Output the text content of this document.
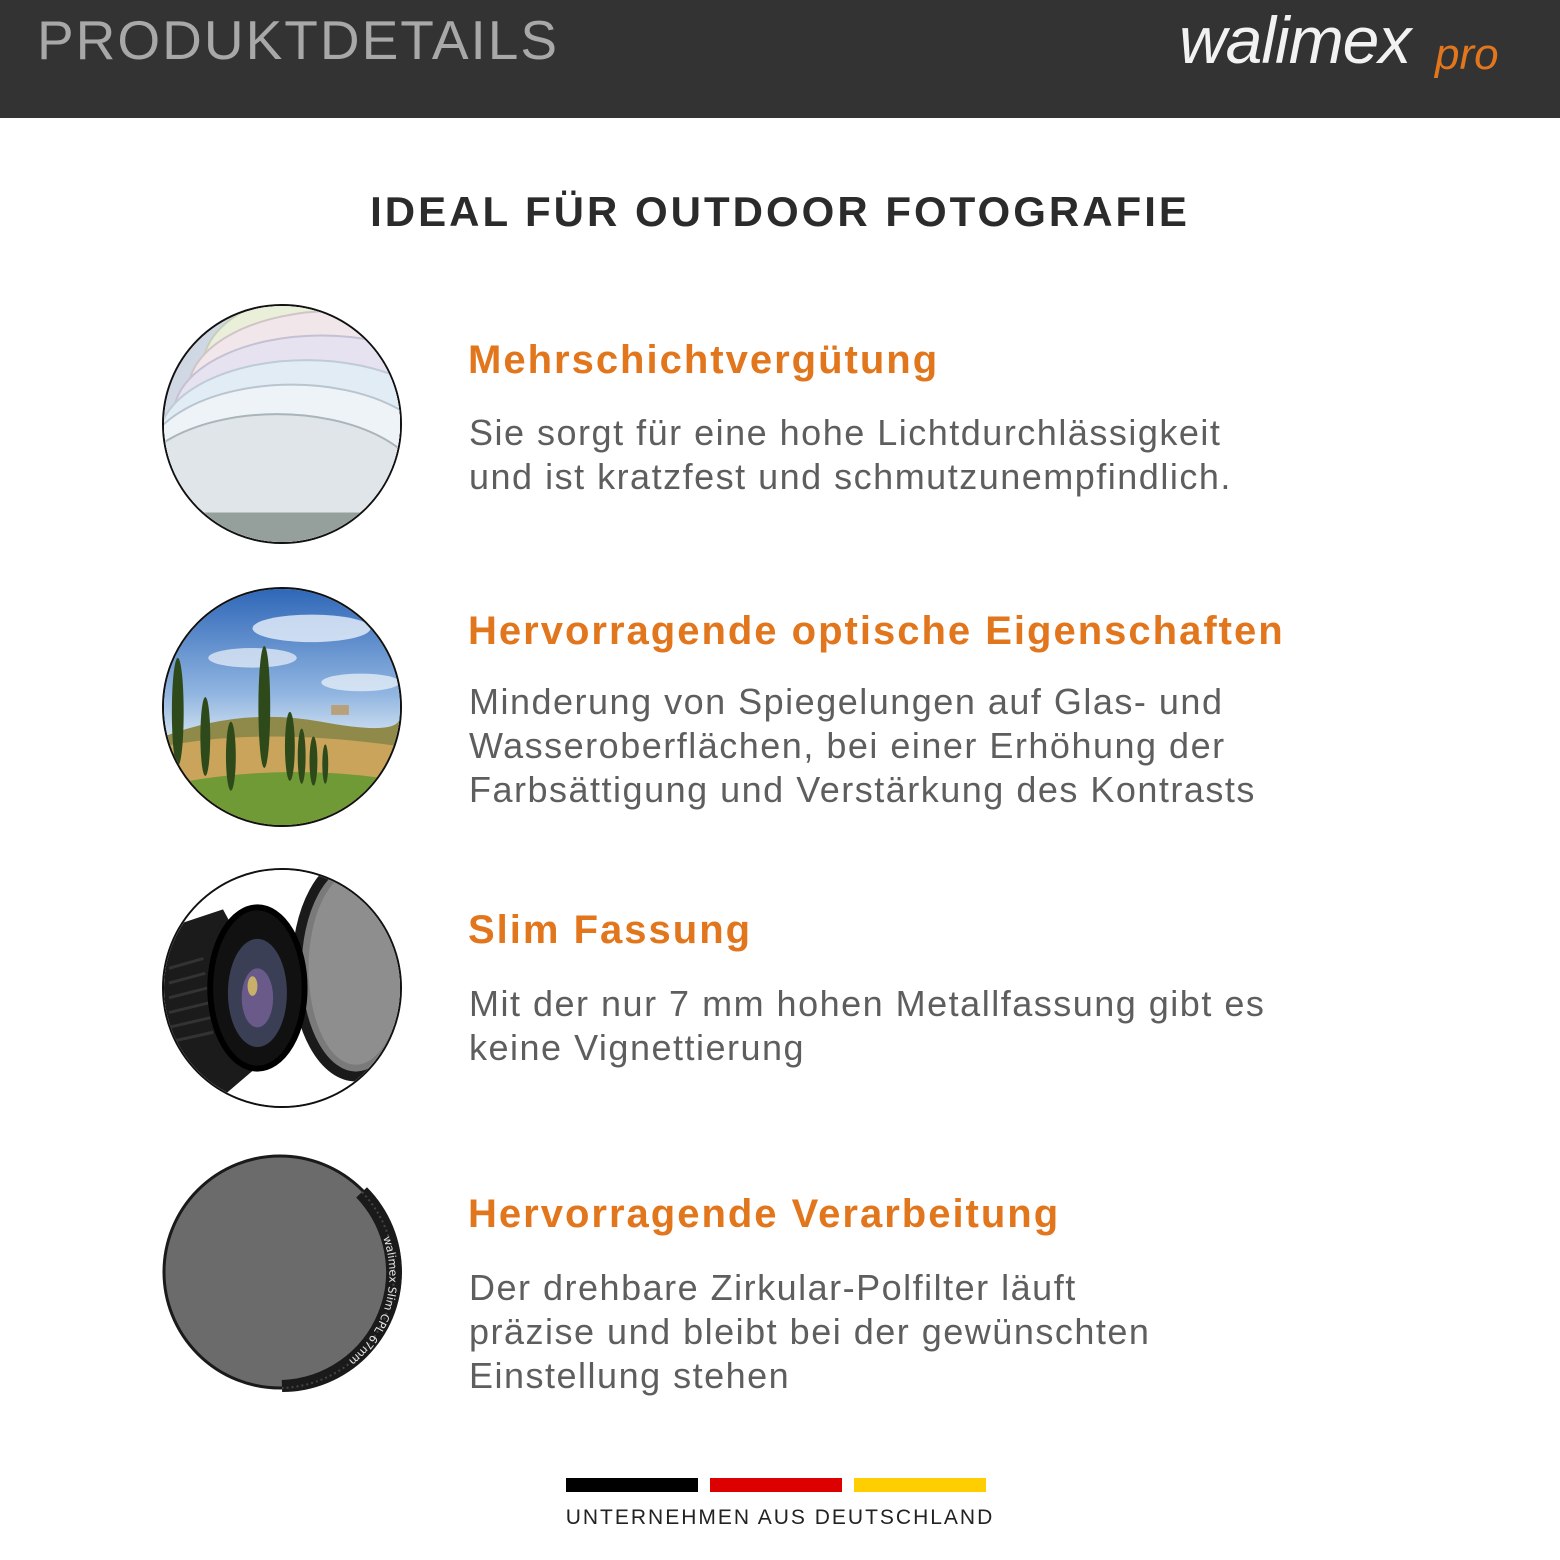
PRODUKTDETAILS	walimex pro
IDEAL FÜR OUTDOOR FOTOGRAFIE
Mehrschichtvergütung
Sie sorgt für eine hohe Lichtdurchlässigkeit
und ist kratzfest und schmutzunempfindlich.
Hervorragende optische Eigenschaften
Minderung von Spiegelungen auf Glas- und
Wasseroberflächen, bei einer Erhöhung der
Farbsättigung und Verstärkung des Kontrasts
Slim Fassung
Mit der nur 7 mm hohen Metallfassung gibt es
keine Vignettierung
walimex Slim CPL 67mm
Hervorragende Verarbeitung
Der drehbare Zirkular-Polfilter läuft
präzise und bleibt bei der gewünschten
Einstellung stehen
UNTERNEHMEN AUS DEUTSCHLAND
